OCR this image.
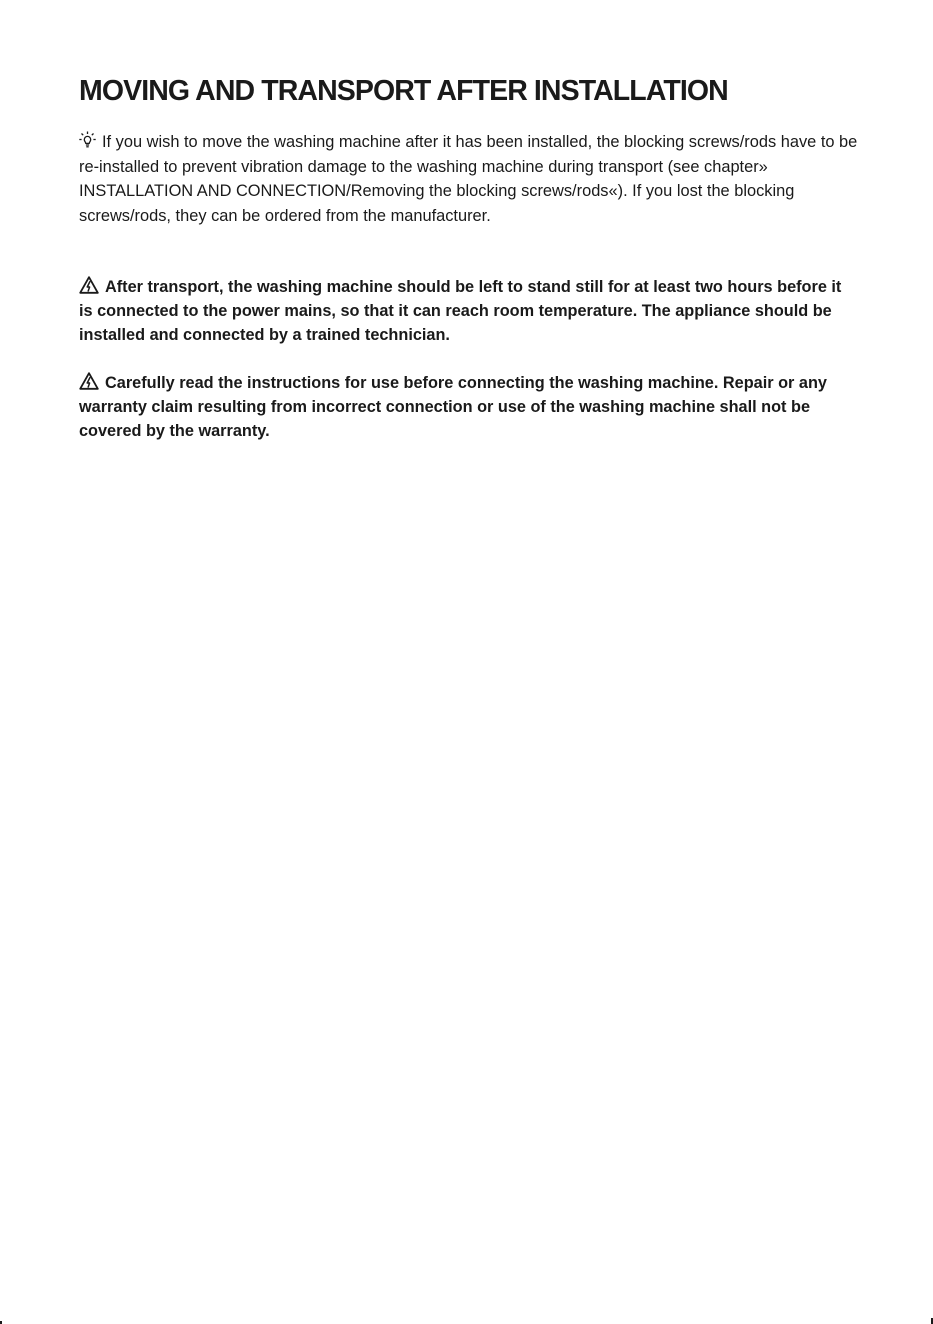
MOVING AND TRANSPORT AFTER INSTALLATION

If you wish to move the washing machine after it has been installed, the blocking screws/rods have to be re-installed to prevent vibration damage to the washing machine during transport (see chapter» INSTALLATION AND CONNECTION/Removing the blocking screws/rods«). If you lost the blocking screws/rods, they can be ordered from the manufacturer.

After transport, the washing machine should be left to stand still for at least two hours before it is connected to the power mains, so that it can reach room temperature. The appliance should be installed and connected by a trained technician.

Carefully read the instructions for use before connecting the washing machine. Repair or any warranty claim resulting from incorrect connection or use of the washing machine shall not be covered by the warranty.
